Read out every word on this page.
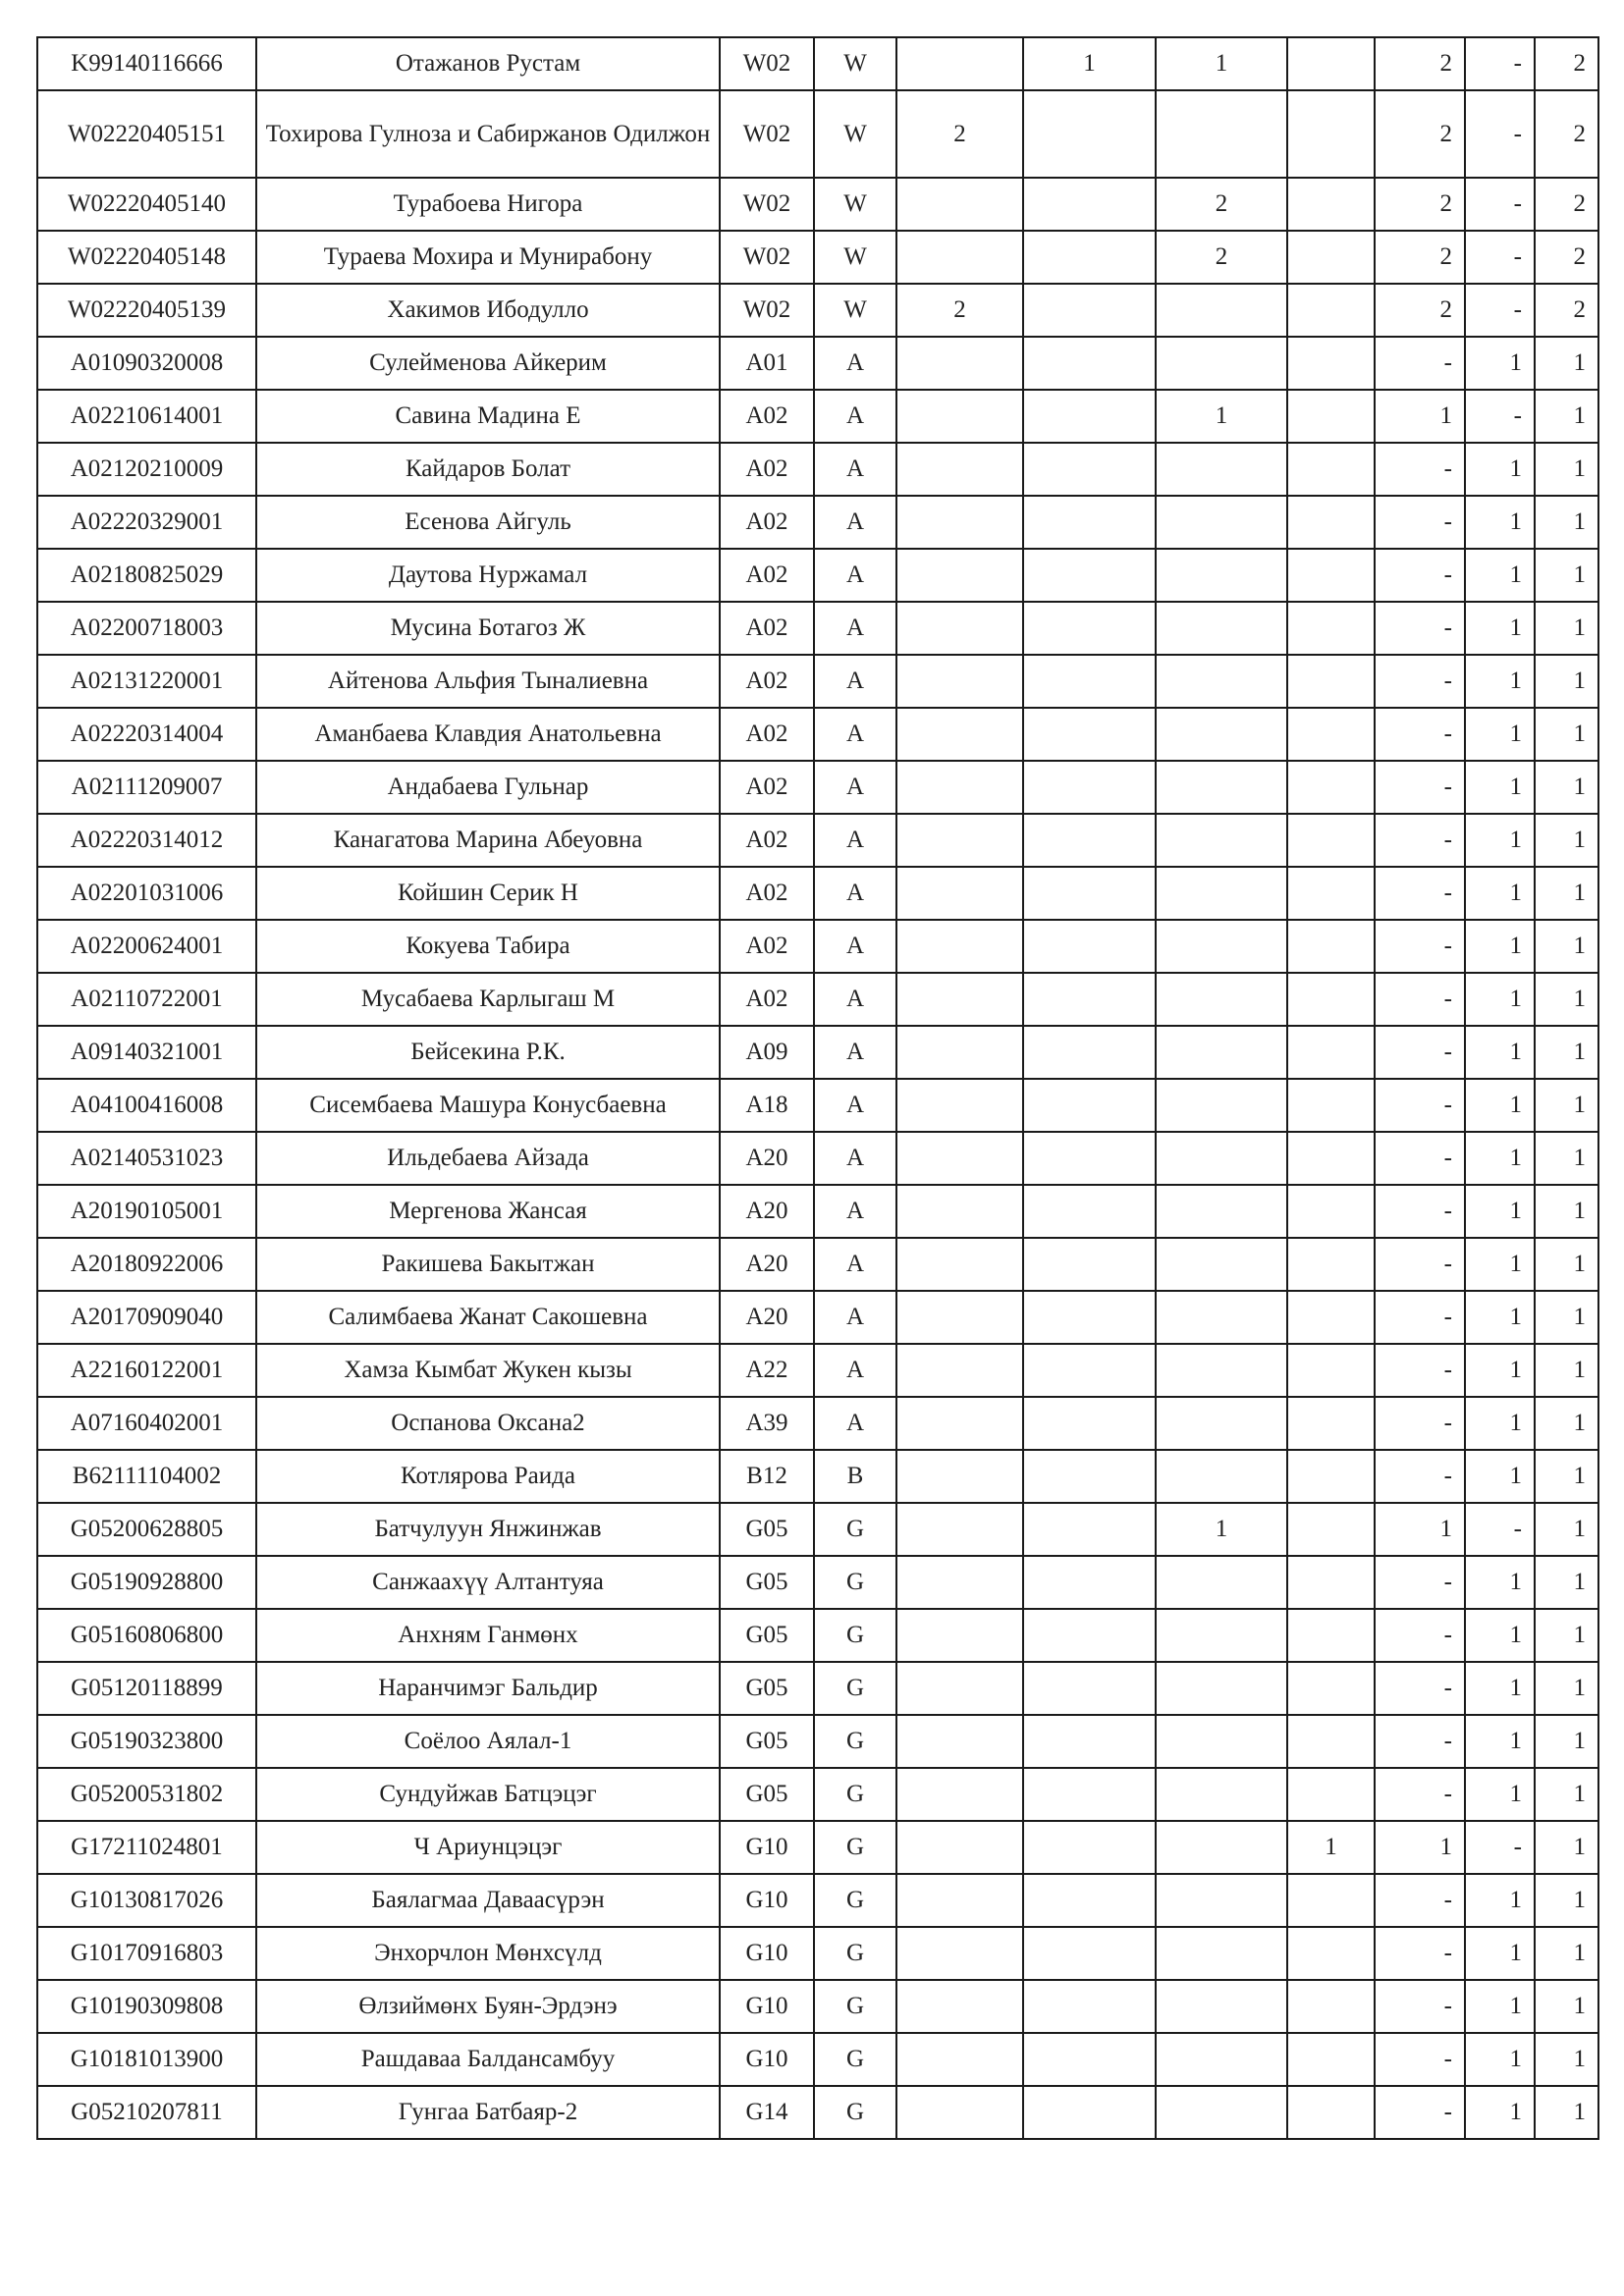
K99140116666	Отажанов Рустам	W02	W		1	1		2	-	2
W02220405151	Тохирова Гулноза и Сабиржанов Одилжон	W02	W	2				2	-	2
W02220405140	Турабоева Нигора	W02	W			2		2	-	2
W02220405148	Тураева Мохира и Мунирабону	W02	W			2		2	-	2
W02220405139	Хакимов Ибодулло	W02	W	2				2	-	2
A01090320008	Сулейменова Айкерим	A01	A					-	1	1
A02210614001	Савина Мадина Е	A02	A			1		1	-	1
A02120210009	Кайдаров Болат	A02	A					-	1	1
A02220329001	Есенова Айгуль	A02	A					-	1	1
A02180825029	Даутова Нуржамал	A02	A					-	1	1
A02200718003	Мусина Ботагоз Ж	A02	A					-	1	1
A02131220001	Айтенова Альфия Тыналиевна	A02	A					-	1	1
A02220314004	Аманбаева Клавдия Анатольевна	A02	A					-	1	1
A02111209007	Андабаева Гульнар	A02	A					-	1	1
A02220314012	Канагатова Марина Абеуовна	A02	A					-	1	1
A02201031006	Койшин Серик Н	A02	A					-	1	1
A02200624001	Кокуева Табира	A02	A					-	1	1
A02110722001	Мусабаева Карлыгаш М	A02	A					-	1	1
A09140321001	Бейсекина Р.К.	A09	A					-	1	1
A04100416008	Сисембаева Машура Конусбаевна	A18	A					-	1	1
A02140531023	Ильдебаева Айзада	A20	A					-	1	1
A20190105001	Мергенова Жансая	A20	A					-	1	1
A20180922006	Ракишева Бакытжан	A20	A					-	1	1
A20170909040	Салимбаева Жанат Сакошевна	A20	A					-	1	1
A22160122001	Хамза Кымбат Жукен кызы	A22	A					-	1	1
A07160402001	Оспанова Оксана2	A39	A					-	1	1
B62111104002	Котлярова Раида	B12	B					-	1	1
G05200628805	Батчулуун Янжинжав	G05	G			1		1	-	1
G05190928800	Санжаахүү Алтантуяа	G05	G					-	1	1
G05160806800	Анхням Ганмөнх	G05	G					-	1	1
G05120118899	Наранчимэг Бальдир	G05	G					-	1	1
G05190323800	Соёлоо Аялал-1	G05	G					-	1	1
G05200531802	Сундуйжав Батцэцэг	G05	G					-	1	1
G17211024801	Ч Ариунцэцэг	G10	G				1	1	-	1
G10130817026	Баялагмаа Даваасүрэн	G10	G					-	1	1
G10170916803	Энхорчлон Мөнхсүлд	G10	G					-	1	1
G10190309808	Өлзиймөнх Буян-Эрдэнэ	G10	G					-	1	1
G10181013900	Рашдаваа Балдансамбуу	G10	G					-	1	1
G05210207811	Гунгаа Батбаяр-2	G14	G					-	1	1
